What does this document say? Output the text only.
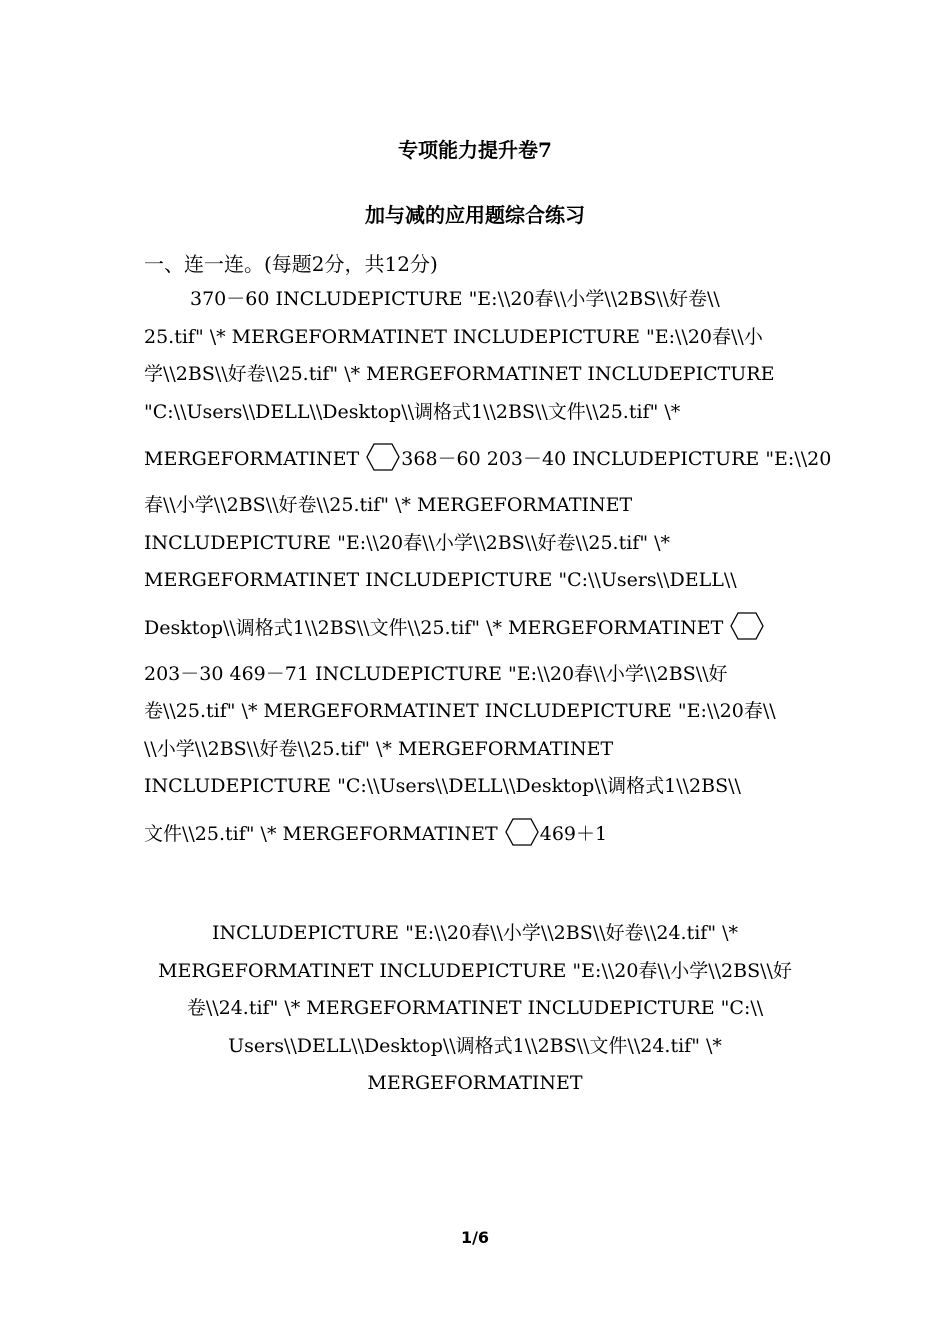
专项能力提升卷7
加与减的应用题综合练习

一、连一连。(每题2分，共12分)

370－60 INCLUDEPICTURE "E:\\20春\\小学\\2BS\\好卷\\
25.tif" \* MERGEFORMATINET INCLUDEPICTURE "E:\\20春\\小
学\\2BS\\好卷\\25.tif" \* MERGEFORMATINET INCLUDEPICTURE
"C:\\Users\\DELL\\Desktop\\调格式1\\2BS\\文件\\25.tif" \*
MERGEFORMATINET 368－60 203－40 INCLUDEPICTURE "E:\\20
春\\小学\\2BS\\好卷\\25.tif" \* MERGEFORMATINET
INCLUDEPICTURE "E:\\20春\\小学\\2BS\\好卷\\25.tif" \*
MERGEFORMATINET INCLUDEPICTURE "C:\\Users\\DELL\\
Desktop\\调格式1\\2BS\\文件\\25.tif" \* MERGEFORMATINET
203－30 469－71 INCLUDEPICTURE "E:\\20春\\小学\\2BS\\好
卷\\25.tif" \* MERGEFORMATINET INCLUDEPICTURE "E:\\20春\\
\\小学\\2BS\\好卷\\25.tif" \* MERGEFORMATINET
INCLUDEPICTURE "C:\\Users\\DELL\\Desktop\\调格式1\\2BS\\
文件\\25.tif" \* MERGEFORMATINET 469＋1
INCLUDEPICTURE "E:\\20春\\小学\\2BS\\好卷\\24.tif" \*
MERGEFORMATINET INCLUDEPICTURE "E:\\20春\\小学\\2BS\\好
卷\\24.tif" \* MERGEFORMATINET INCLUDEPICTURE "C:\\
Users\\DELL\\Desktop\\调格式1\\2BS\\文件\\24.tif" \*
MERGEFORMATINET
1/6
